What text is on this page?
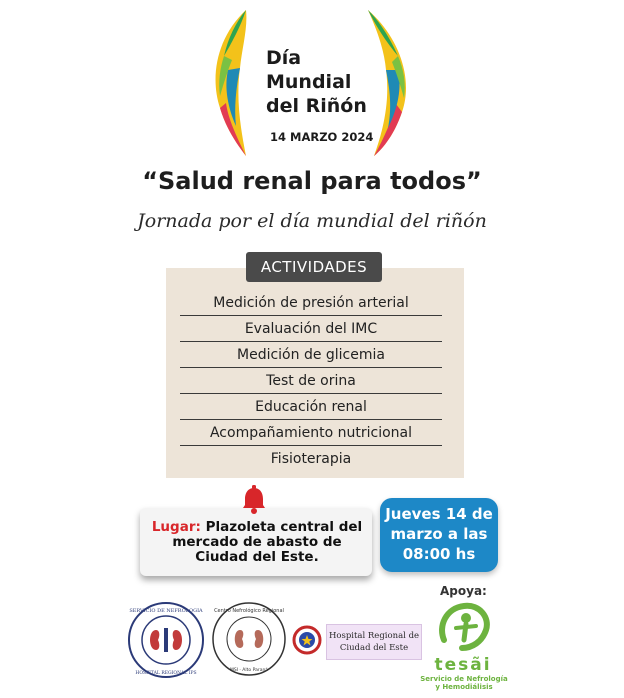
Día
Mundial
del Riñón
14 MARZO 2024
“Salud renal para todos”
Jornada por el día mundial del riñón
ACTIVIDADES
Medición de presión arterial
Evaluación del IMC
Medición de glicemia
Test de orina
Educación renal
Acompañamiento nutricional
Fisioterapia
Lugar: Plazoleta central del mercado de abasto de Ciudad del Este.
Jueves 14 de
marzo a las
08:00 hs
Apoya:
SERVICIO DE NEFROLOGIA
HOSPITAL REGIONAL IPS
Centro Nefrológico Regional
MSI · Alto Paraná
Hospital Regional de
Ciudad del Este
tesãi
Servicio de Nefrología
y Hemodiálisis
